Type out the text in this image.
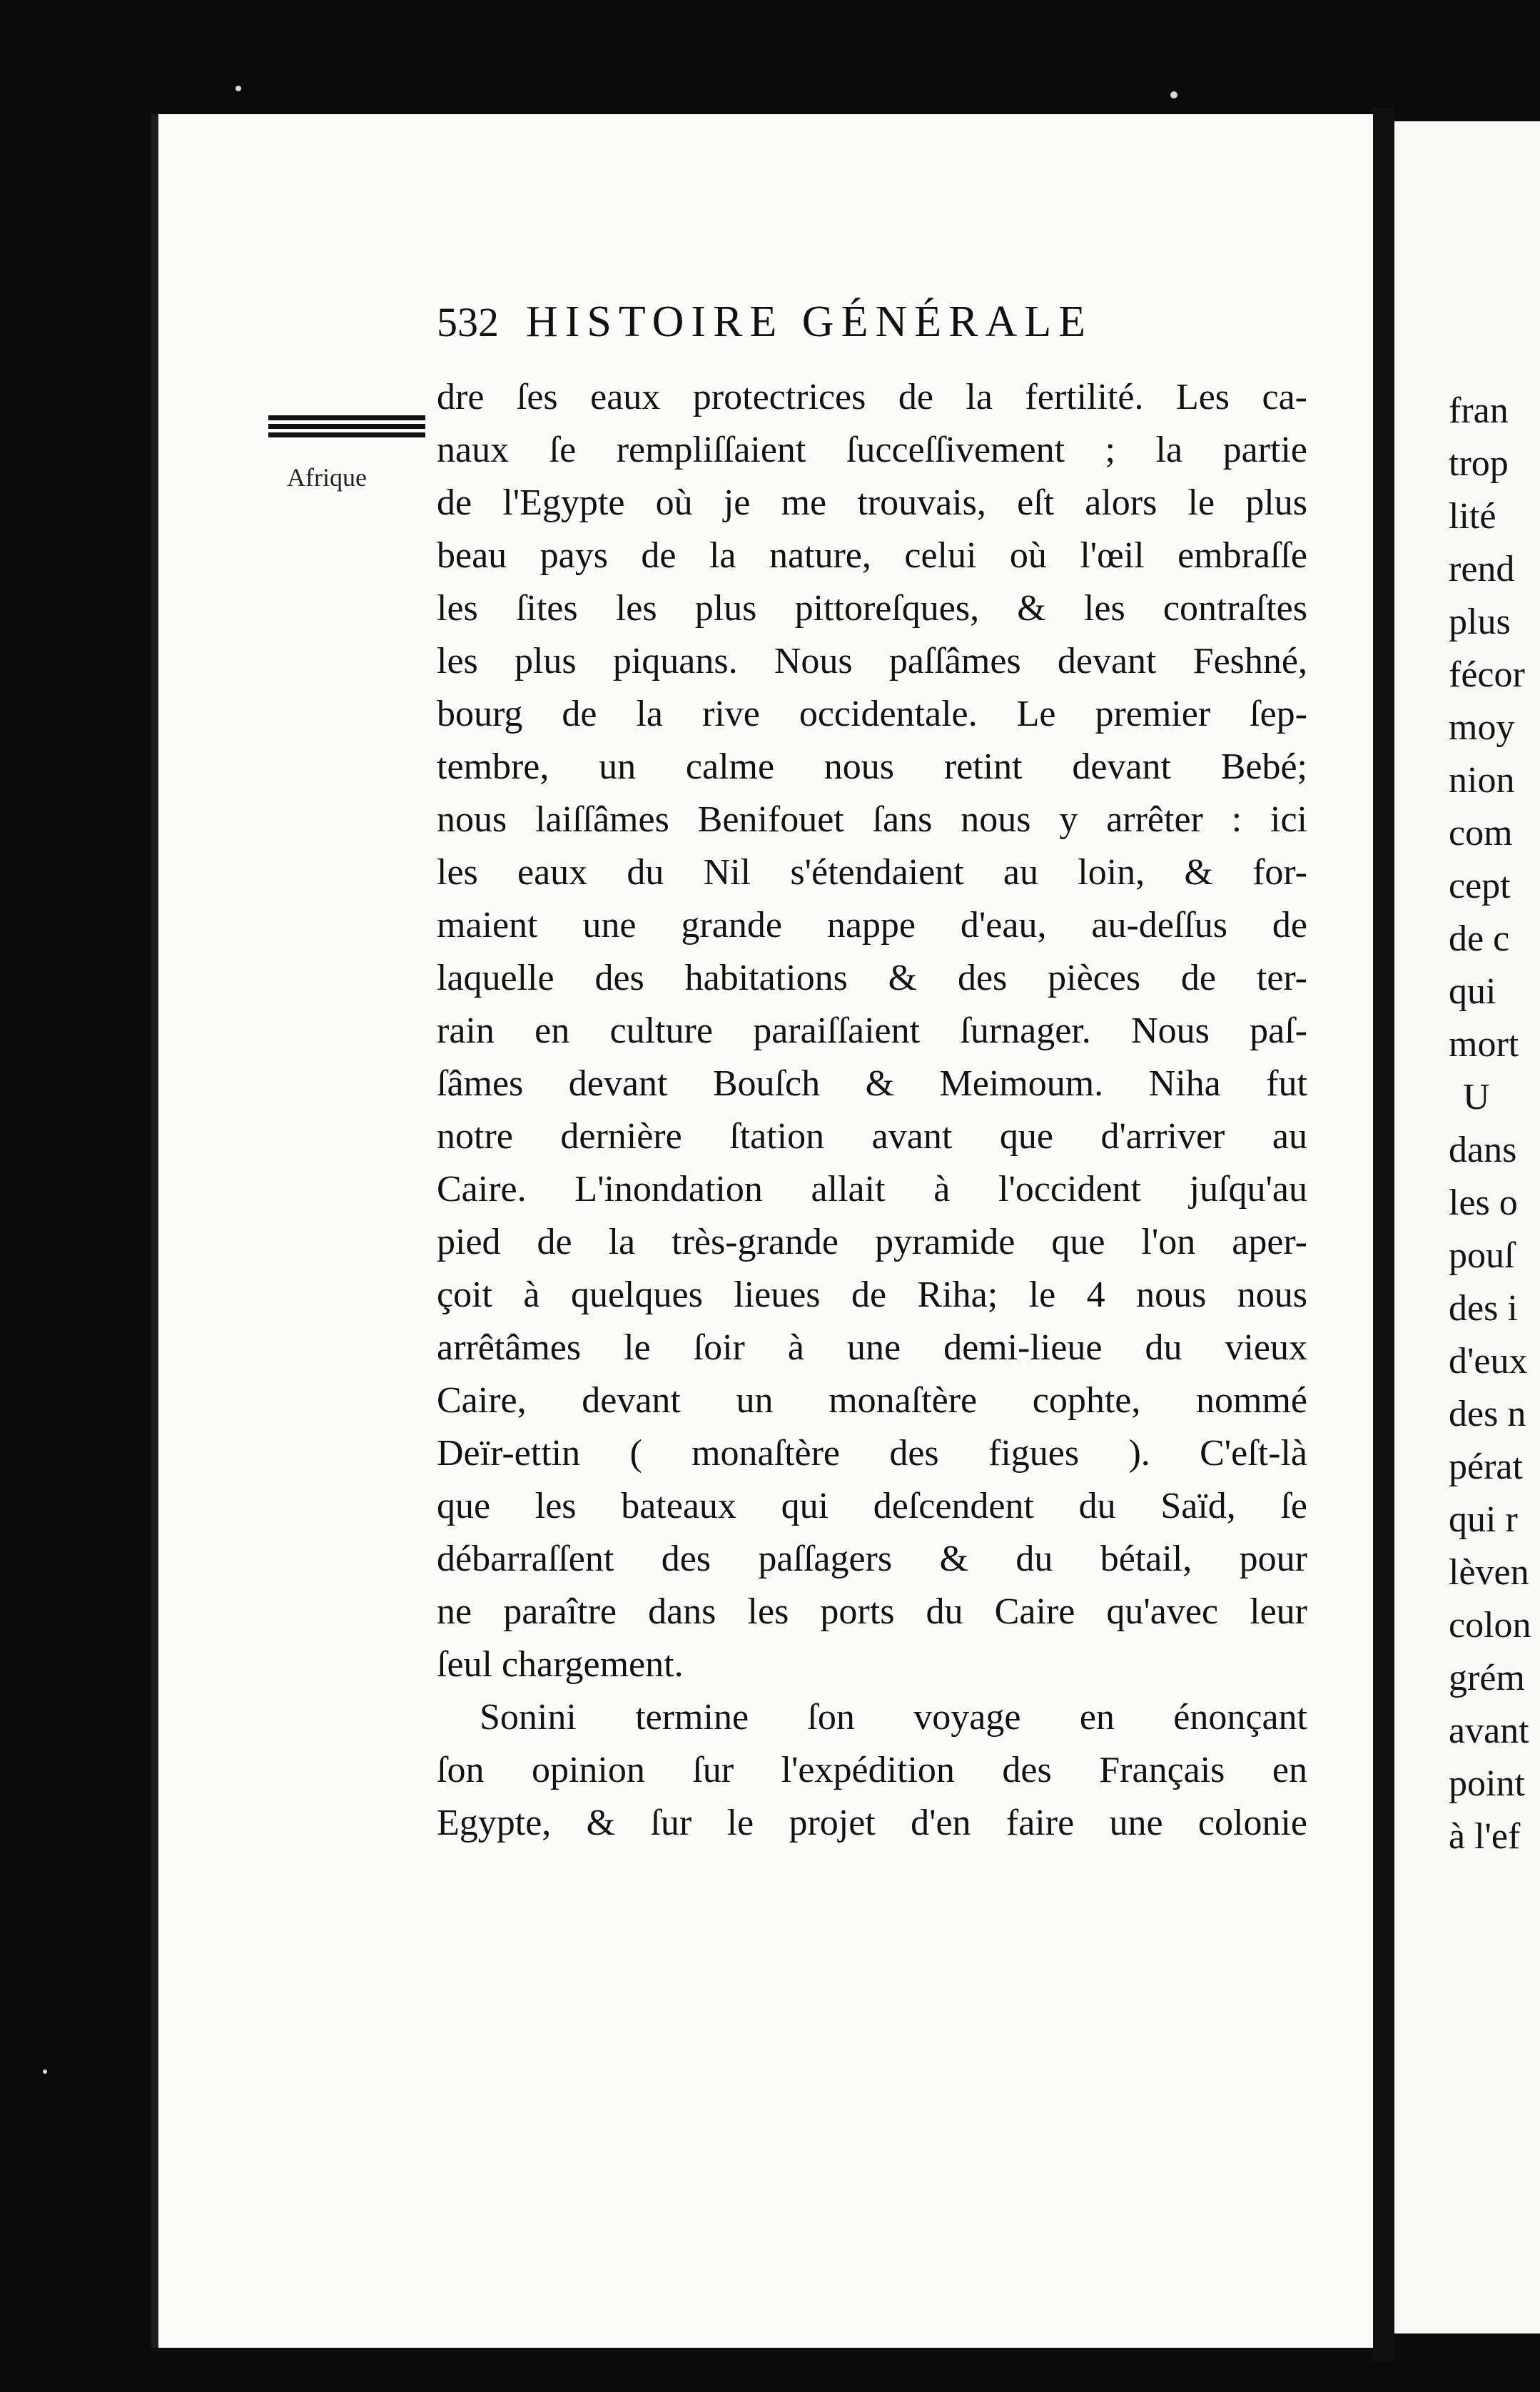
fran
trop
lité
rend
plus
fécor
moy
nion
com
cept
de c
qui
mort
U
dans
les o
pouſ
des i
d'eux
des n
pérat
qui r
lèven
colon
grém
avant
point
à l'ef
532 HISTOIRE GÉNÉRALE
Afrique
dre ſes eaux protectrices de la fertilité. Les ca-
naux ſe rempliſſaient ſucceſſivement ; la partie
de l'Egypte où je me trouvais, eſt alors le plus
beau pays de la nature, celui où l'œil embraſſe
les ſites les plus pittoreſques, & les contraſtes
les plus piquans. Nous paſſâmes devant Feshné,
bourg de la rive occidentale. Le premier ſep-
tembre, un calme nous retint devant Bebé;
nous laiſſâmes Benifouet ſans nous y arrêter : ici
les eaux du Nil s'étendaient au loin, & for-
maient une grande nappe d'eau, au-deſſus de
laquelle des habitations & des pièces de ter-
rain en culture paraiſſaient ſurnager. Nous paſ-
ſâmes devant Bouſch & Meimoum. Niha fut
notre dernière ſtation avant que d'arriver au
Caire. L'inondation allait à l'occident juſqu'au
pied de la très-grande pyramide que l'on aper-
çoit à quelques lieues de Riha; le 4 nous nous
arrêtâmes le ſoir à une demi-lieue du vieux
Caire, devant un monaſtère cophte, nommé
Deïr-ettin ( monaſtère des figues ). C'eſt-là
que les bateaux qui deſcendent du Saïd, ſe
débarraſſent des paſſagers & du bétail, pour
ne paraître dans les ports du Caire qu'avec leur
ſeul chargement.
Sonini termine ſon voyage en énonçant
ſon opinion ſur l'expédition des Français en
Egypte, & ſur le projet d'en faire une colonie
